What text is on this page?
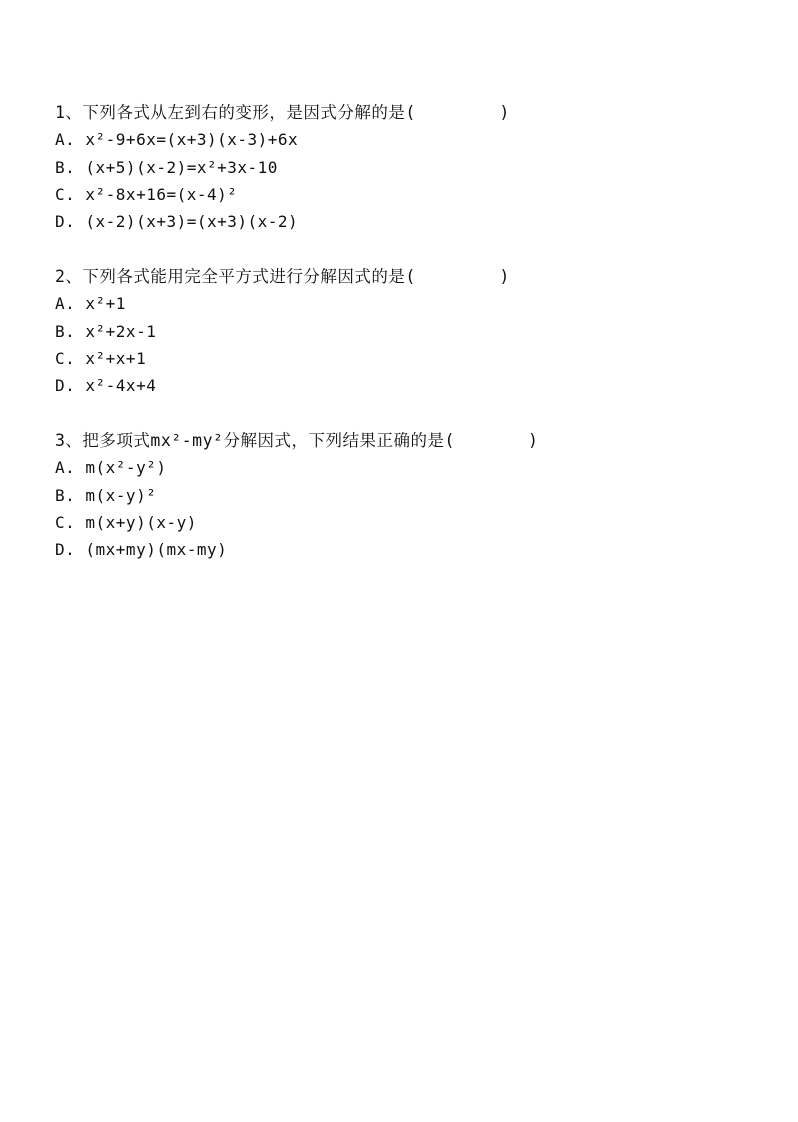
1、下列各式从左到右的变形，是因式分解的是(        )
A. x²-9+6x=(x+3)(x-3)+6x
B. (x+5)(x-2)=x²+3x-10
C. x²-8x+16=(x-4)²
D. (x-2)(x+3)=(x+3)(x-2)
2、下列各式能用完全平方式进行分解因式的是(        )
A. x²+1
B. x²+2x-1
C. x²+x+1
D. x²-4x+4
3、把多项式mx²-my²分解因式，下列结果正确的是(       )
A. m(x²-y²)
B. m(x-y)²
C. m(x+y)(x-y)
D. (mx+my)(mx-my)
